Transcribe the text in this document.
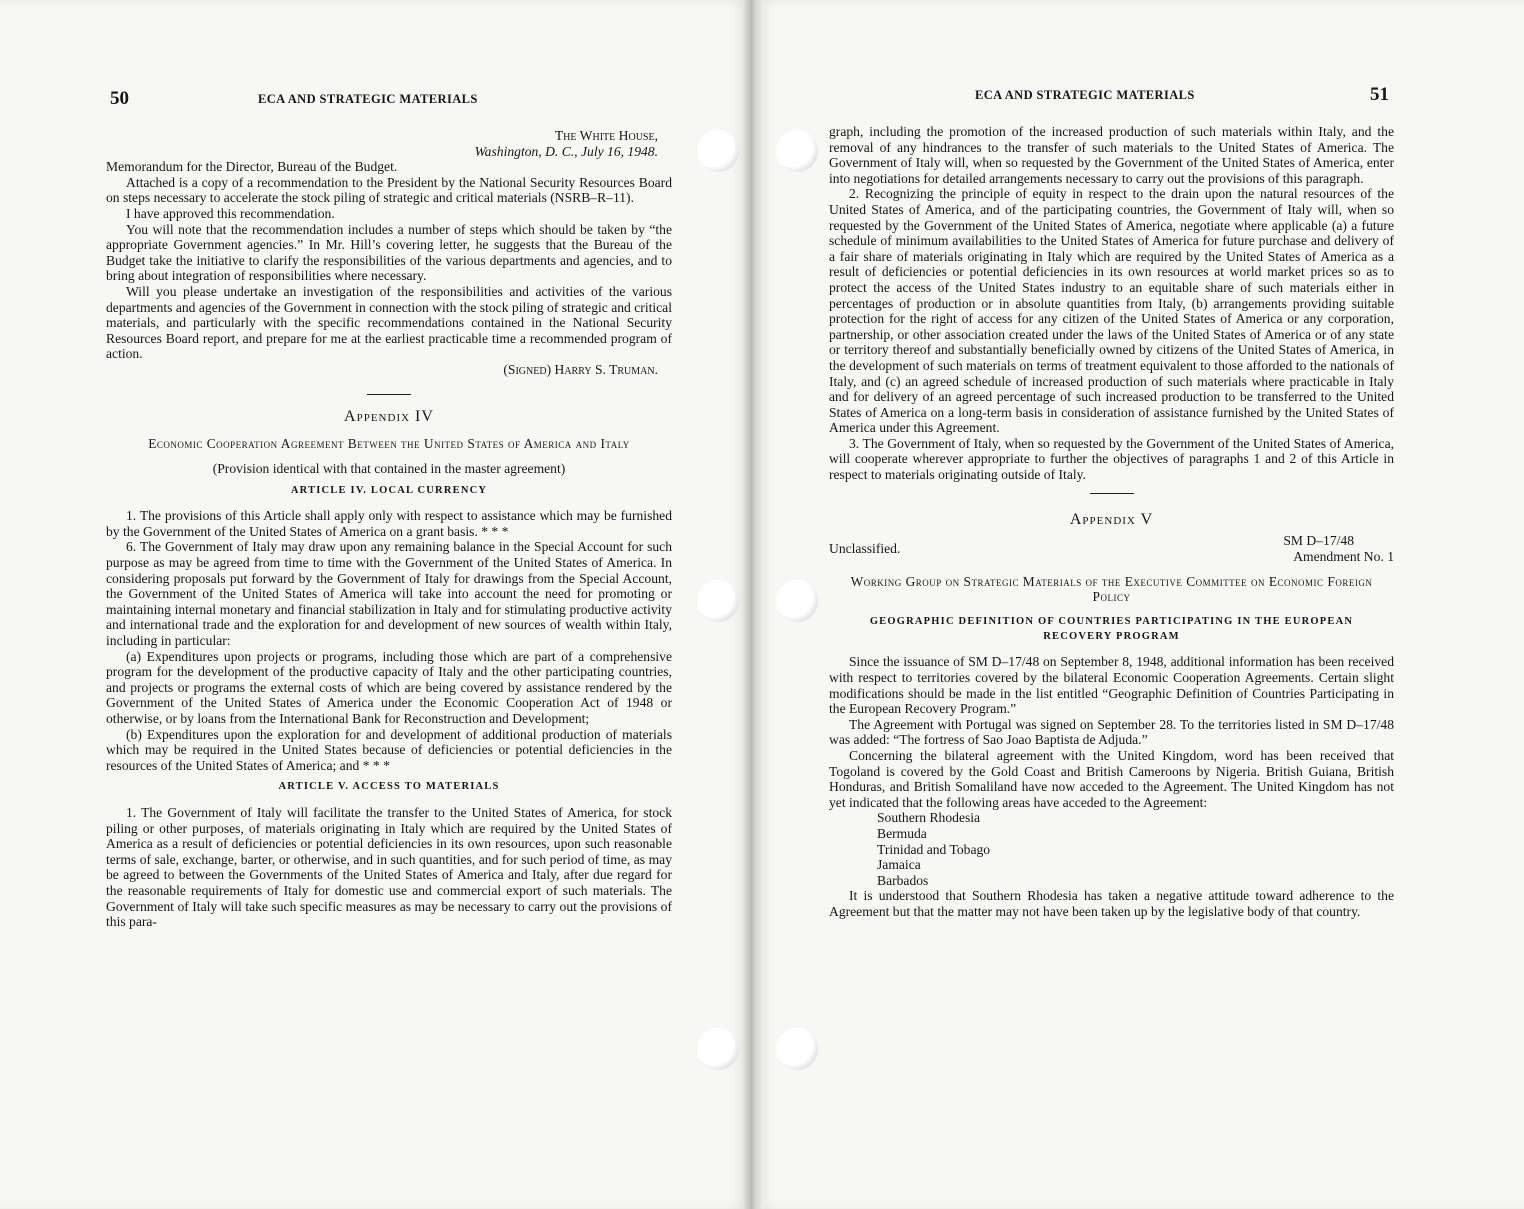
50	ECA AND STRATEGIC MATERIALS

The White House,

Washington, D. C., July 16, 1948.

Memorandum for the Director, Bureau of the Budget.

Attached is a copy of a recommendation to the President by the National Security Resources Board on steps necessary to accelerate the stock piling of strategic and critical materials (NSRB–R–11).

I have approved this recommendation.

You will note that the recommendation includes a number of steps which should be taken by “the appropriate Government agencies.” In Mr. Hill’s covering letter, he suggests that the Bureau of the Budget take the initiative to clarify the responsibilities of the various departments and agencies, and to bring about integration of responsibilities where necessary.

Will you please undertake an investigation of the responsibilities and activities of the various departments and agencies of the Government in connection with the stock piling of strategic and critical materials, and particularly with the specific recommendations contained in the National Security Resources Board report, and prepare for me at the earliest practicable time a recommended program of action.

(Signed) Harry S. Truman.

Appendix IV

Economic Cooperation Agreement Between the United States of America and Italy

(Provision identical with that contained in the master agreement)

ARTICLE IV. LOCAL CURRENCY

1. The provisions of this Article shall apply only with respect to assistance which may be furnished by the Government of the United States of America on a grant basis. * * *

6. The Government of Italy may draw upon any remaining balance in the Special Account for such purpose as may be agreed from time to time with the Government of the United States of America. In considering proposals put forward by the Government of Italy for drawings from the Special Account, the Government of the United States of America will take into account the need for promoting or maintaining internal monetary and financial stabilization in Italy and for stimulating productive activity and international trade and the exploration for and development of new sources of wealth within Italy, including in particular:

(a) Expenditures upon projects or programs, including those which are part of a comprehensive program for the development of the productive capacity of Italy and the other participating countries, and projects or programs the external costs of which are being covered by assistance rendered by the Government of the United States of America under the Economic Cooperation Act of 1948 or otherwise, or by loans from the International Bank for Reconstruction and Development;

(b) Expenditures upon the exploration for and development of additional production of materials which may be required in the United States because of deficiencies or potential deficiencies in the resources of the United States of America; and * * *

ARTICLE V. ACCESS TO MATERIALS

1. The Government of Italy will facilitate the transfer to the United States of America, for stock piling or other purposes, of materials originating in Italy which are required by the United States of America as a result of deficiencies or potential deficiencies in its own resources, upon such reasonable terms of sale, exchange, barter, or otherwise, and in such quantities, and for such period of time, as may be agreed to between the Governments of the United States of America and Italy, after due regard for the reasonable requirements of Italy for domestic use and commercial export of such materials. The Government of Italy will take such specific measures as may be necessary to carry out the provisions of this para-

ECA AND STRATEGIC MATERIALS	51

graph, including the promotion of the increased production of such materials within Italy, and the removal of any hindrances to the transfer of such materials to the United States of America. The Government of Italy will, when so requested by the Government of the United States of America, enter into negotiations for detailed arrangements necessary to carry out the provisions of this paragraph.

2. Recognizing the principle of equity in respect to the drain upon the natural resources of the United States of America, and of the participating countries, the Government of Italy will, when so requested by the Government of the United States of America, negotiate where applicable (a) a future schedule of minimum availabilities to the United States of America for future purchase and delivery of a fair share of materials originating in Italy which are required by the United States of America as a result of deficiencies or potential deficiencies in its own resources at world market prices so as to protect the access of the United States industry to an equitable share of such materials either in percentages of production or in absolute quantities from Italy, (b) arrangements providing suitable protection for the right of access for any citizen of the United States of America or any corporation, partnership, or other association created under the laws of the United States of America or of any state or territory thereof and substantially beneficially owned by citizens of the United States of America, in the development of such materials on terms of treatment equivalent to those afforded to the nationals of Italy, and (c) an agreed schedule of increased production of such materials where practicable in Italy and for delivery of an agreed percentage of such increased production to be transferred to the United States of America on a long-term basis in consideration of assistance furnished by the United States of America under this Agreement.

3. The Government of Italy, when so requested by the Government of the United States of America, will cooperate wherever appropriate to further the objectives of paragraphs 1 and 2 of this Article in respect to materials originating outside of Italy.

Appendix V

Unclassified.

SM D–17/48

Amendment No. 1

Working Group on Strategic Materials of the Executive Committee on Economic Foreign Policy

GEOGRAPHIC DEFINITION OF COUNTRIES PARTICIPATING IN THE EUROPEAN RECOVERY PROGRAM

Since the issuance of SM D–17/48 on September 8, 1948, additional information has been received with respect to territories covered by the bilateral Economic Cooperation Agreements. Certain slight modifications should be made in the list entitled “Geographic Definition of Countries Participating in the European Recovery Program.”

The Agreement with Portugal was signed on September 28. To the territories listed in SM D–17/48 was added: “The fortress of Sao Joao Baptista de Adjuda.”

Concerning the bilateral agreement with the United Kingdom, word has been received that Togoland is covered by the Gold Coast and British Cameroons by Nigeria. British Guiana, British Honduras, and British Somaliland have now acceded to the Agreement. The United Kingdom has not yet indicated that the following areas have acceded to the Agreement:

Southern Rhodesia

Bermuda

Trinidad and Tobago

Jamaica

Barbados

It is understood that Southern Rhodesia has taken a negative attitude toward adherence to the Agreement but that the matter may not have been taken up by the legislative body of that country.
